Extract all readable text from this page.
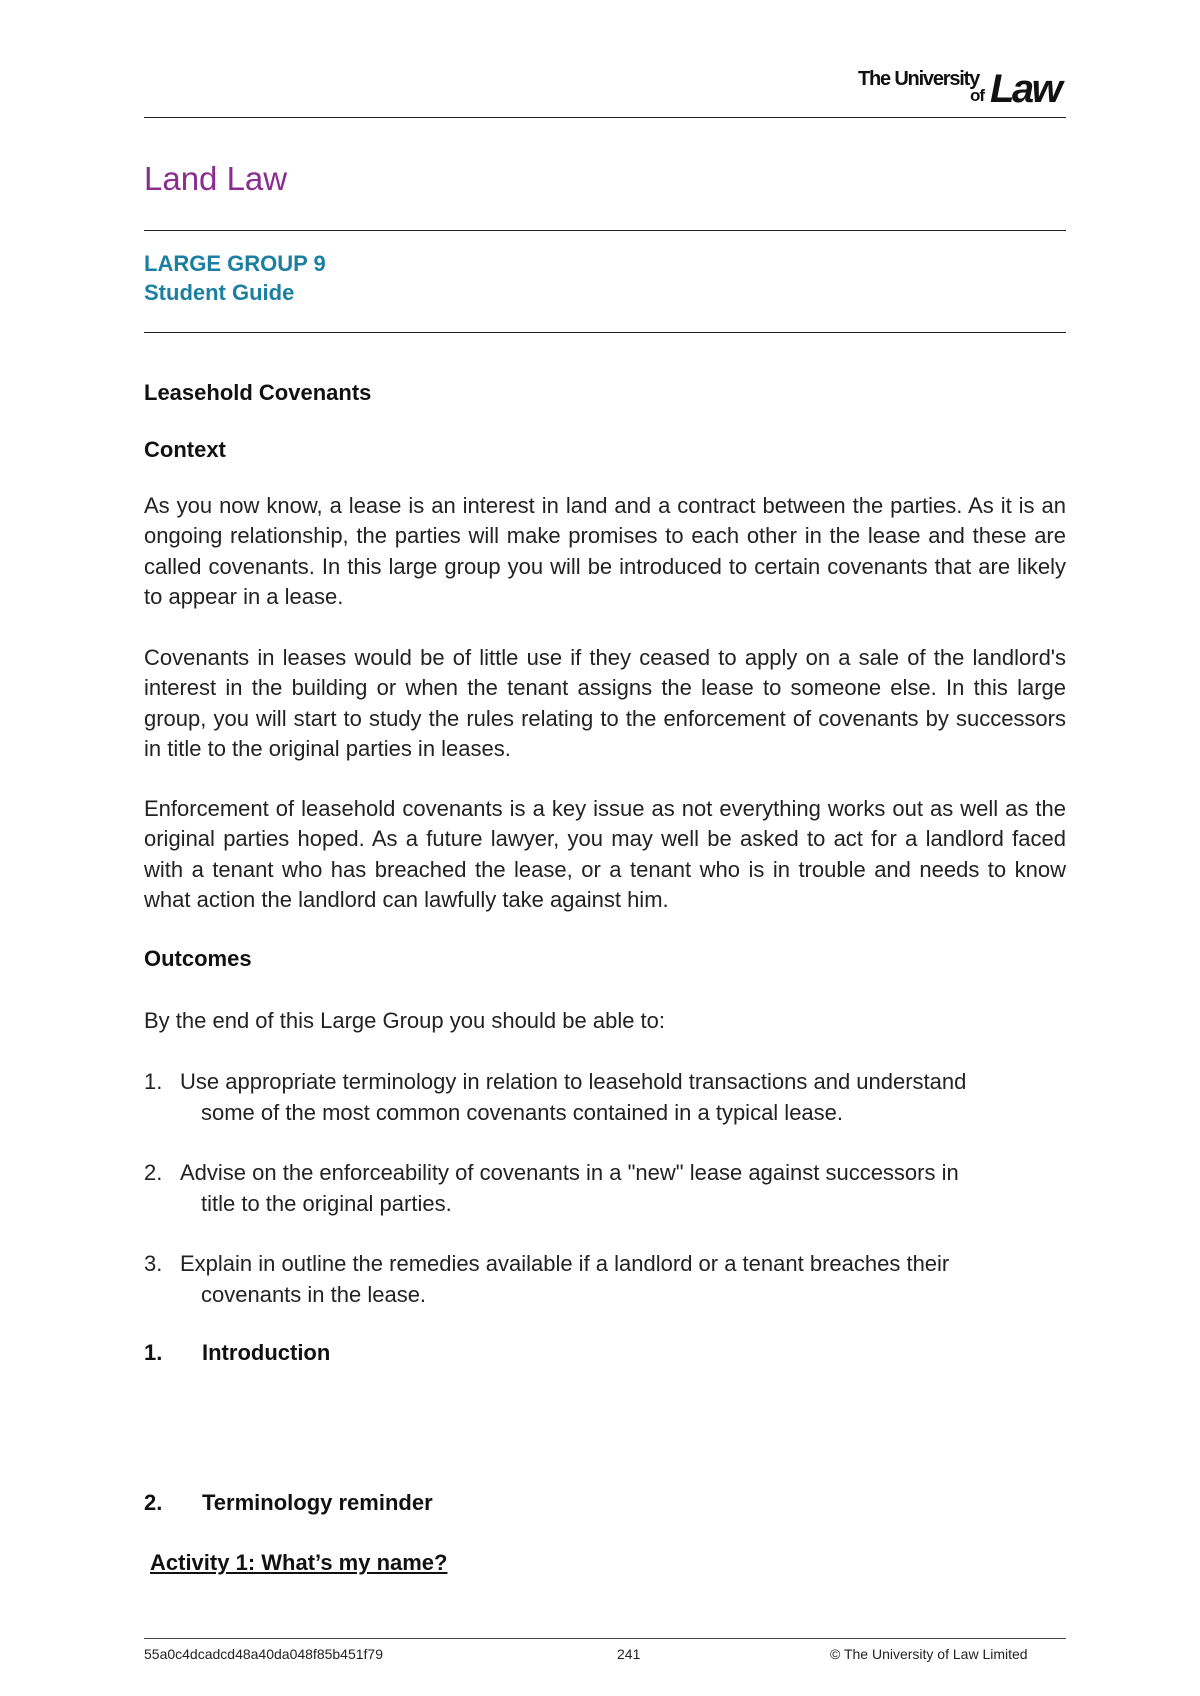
The University
of Law
Land Law
LARGE GROUP 9
Student Guide
Leasehold Covenants
Context

As you now know, a lease is an interest in land and a contract between the parties. As it is an ongoing relationship, the parties will make promises to each other in the lease and these are called covenants. In this large group you will be introduced to certain covenants that are likely to appear in a lease.

Covenants in leases would be of little use if they ceased to apply on a sale of the landlord's interest in the building or when the tenant assigns the lease to someone else. In this large group, you will start to study the rules relating to the enforcement of covenants by successors in title to the original parties in leases.

Enforcement of leasehold covenants is a key issue as not everything works out as well as the original parties hoped. As a future lawyer, you may well be asked to act for a landlord faced with a tenant who has breached the lease, or a tenant who is in trouble and needs to know what action the landlord can lawfully take against him.

Outcomes

By the end of this Large Group you should be able to:

1. Use appropriate terminology in relation to leasehold transactions and understand
some of the most common covenants contained in a typical lease.
2. Advise on the enforceability of covenants in a "new" lease against successors in
title to the original parties.
3. Explain in outline the remedies available if a landlord or a tenant breaches their
covenants in the lease.
1. Introduction
2. Terminology reminder
Activity 1: What’s my name?
55a0c4dcadcd48a40da048f85b451f79	241	© The University of Law Limited
